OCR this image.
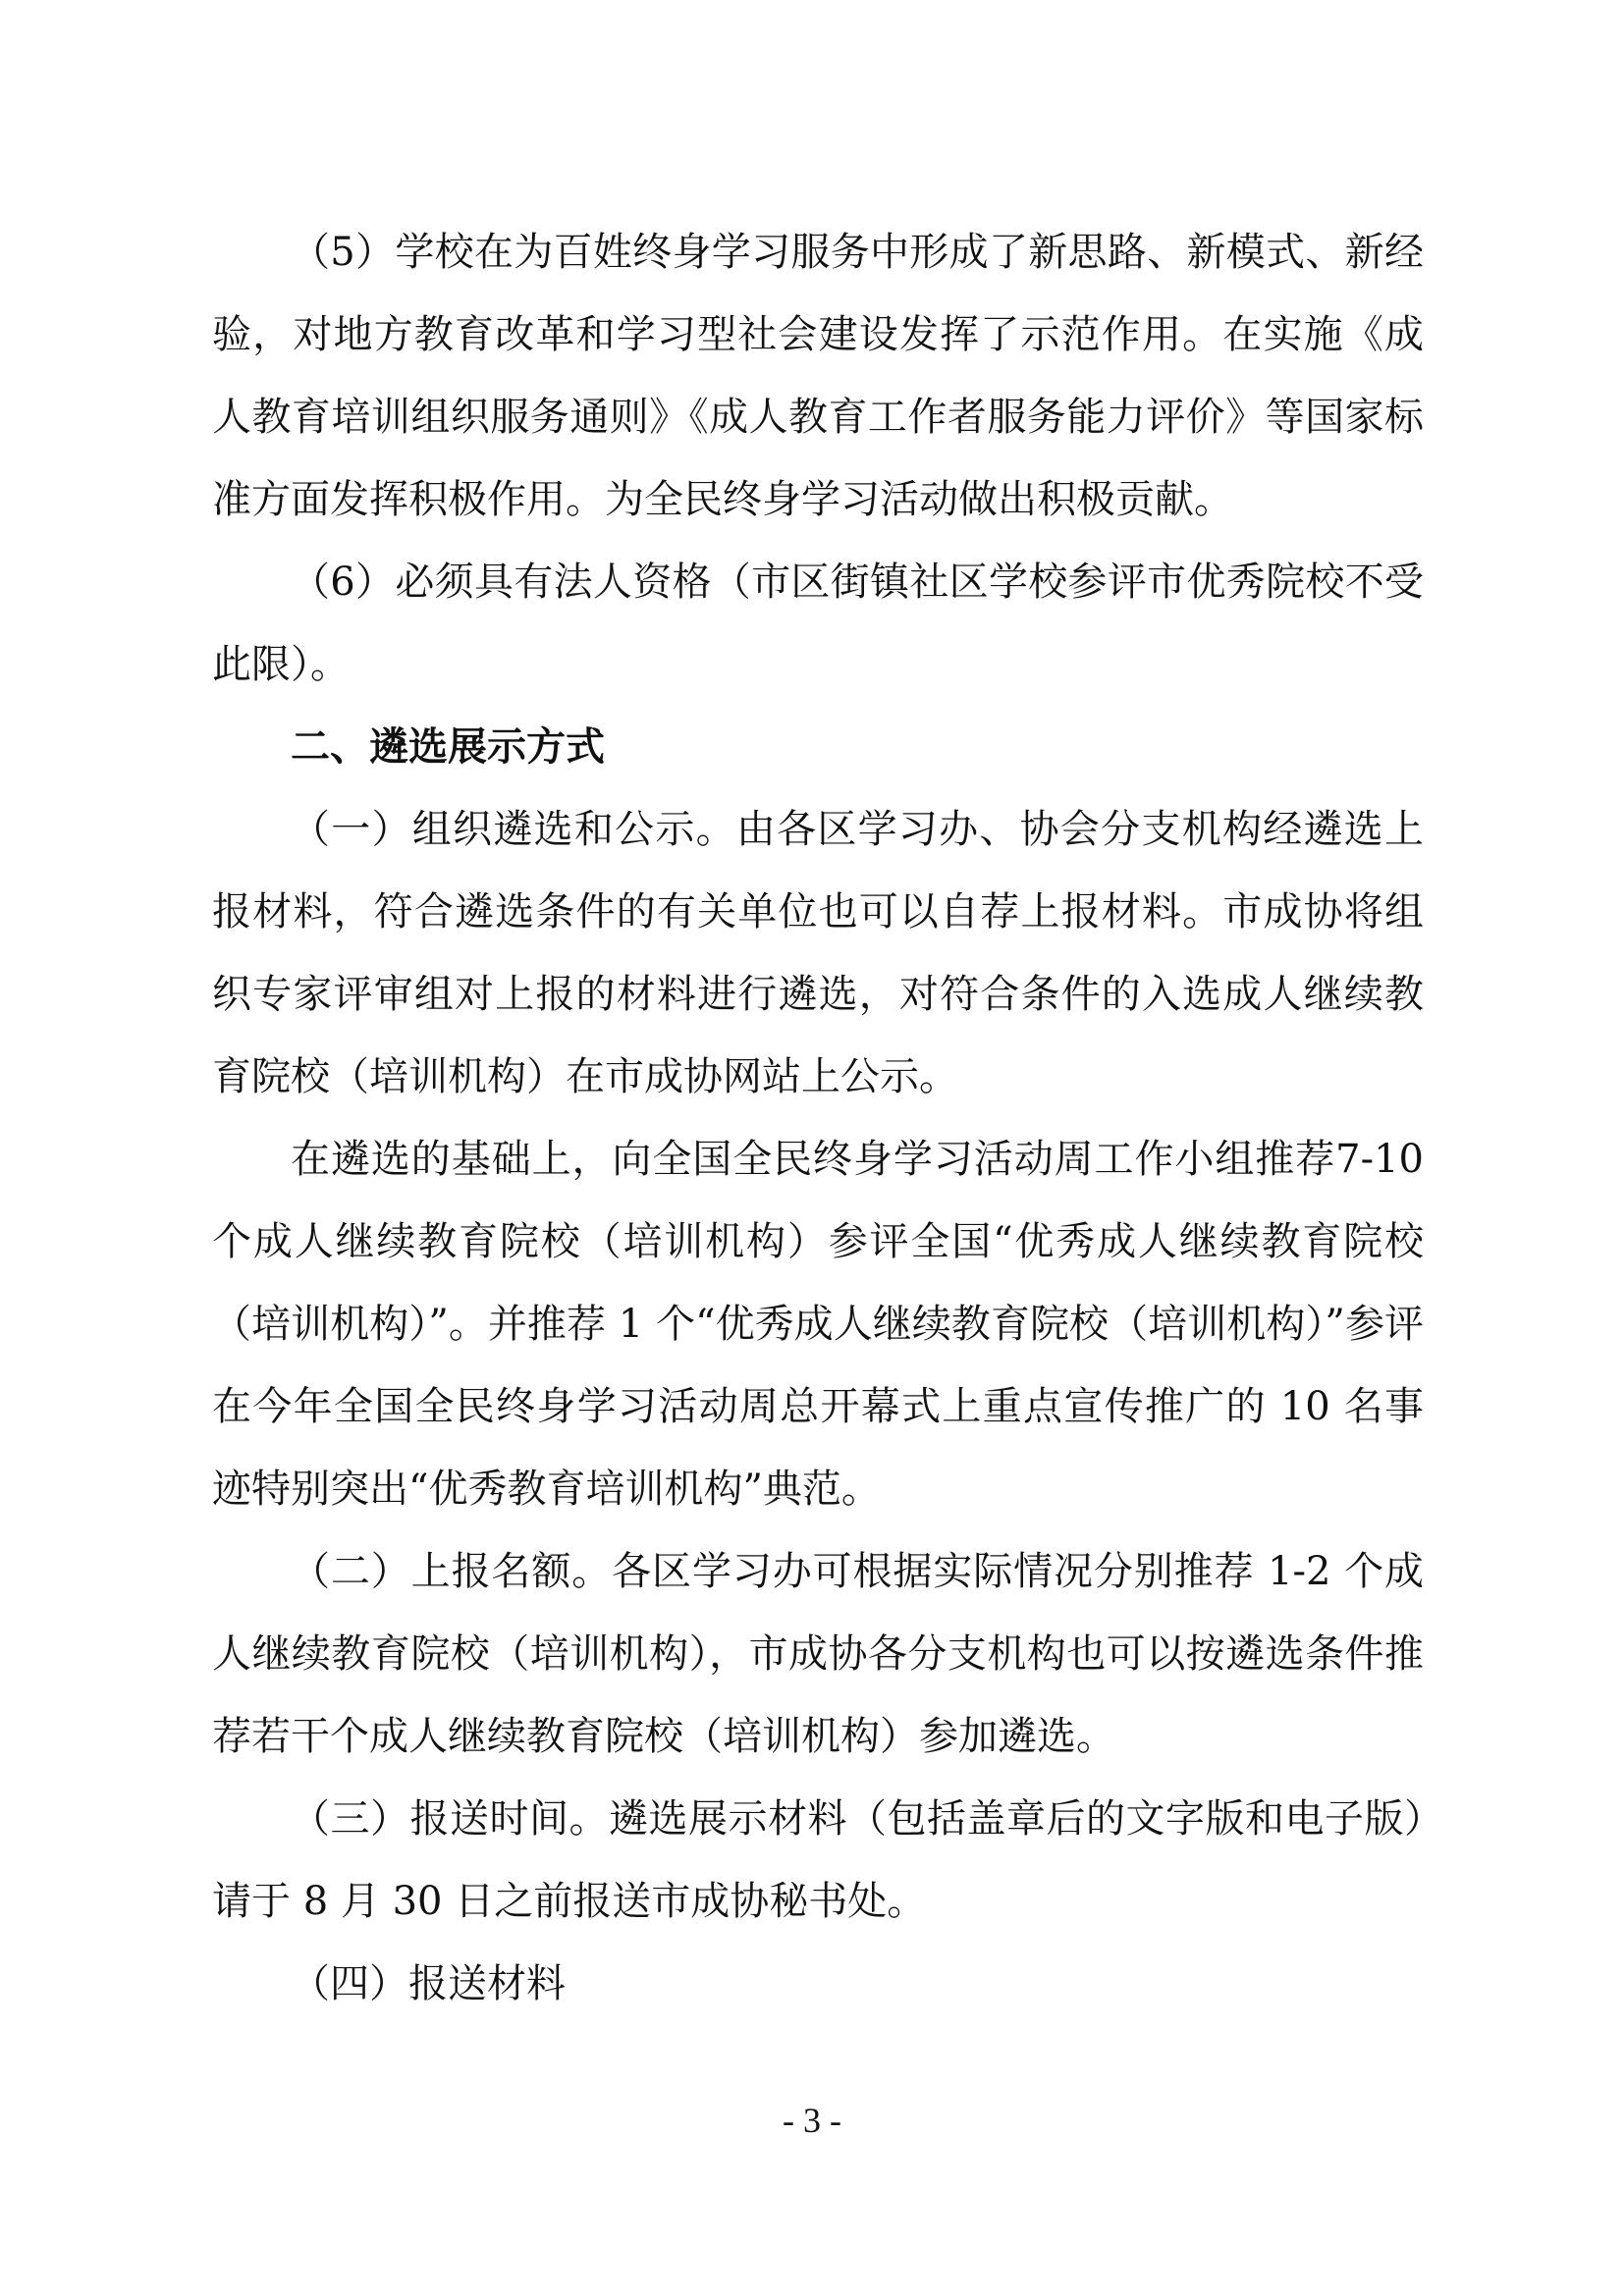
（5）学校在为百姓终身学习服务中形成了新思路、新模式、新经验，对地方教育改革和学习型社会建设发挥了示范作用。在实施《成人教育培训组织服务通则》《成人教育工作者服务能力评价》等国家标准方面发挥积极作用。为全民终身学习活动做出积极贡献。

（6）必须具有法人资格（市区街镇社区学校参评市优秀院校不受此限）。

二、遴选展示方式

（一）组织遴选和公示。由各区学习办、协会分支机构经遴选上报材料，符合遴选条件的有关单位也可以自荐上报材料。市成协将组织专家评审组对上报的材料进行遴选，对符合条件的入选成人继续教育院校（培训机构）在市成协网站上公示。

在遴选的基础上，向全国全民终身学习活动周工作小组推荐7-10 个成人继续教育院校（培训机构）参评全国“优秀成人继续教育院校（培训机构）”。并推荐 1 个“优秀成人继续教育院校（培训机构）”参评在今年全国全民终身学习活动周总开幕式上重点宣传推广的 10 名事迹特别突出“优秀教育培训机构”典范。

（二）上报名额。各区学习办可根据实际情况分别推荐 1-2 个成人继续教育院校（培训机构），市成协各分支机构也可以按遴选条件推荐若干个成人继续教育院校（培训机构）参加遴选。

（三）报送时间。遴选展示材料（包括盖章后的文字版和电子版）请于 8 月 30 日之前报送市成协秘书处。

（四）报送材料

- 3 -
